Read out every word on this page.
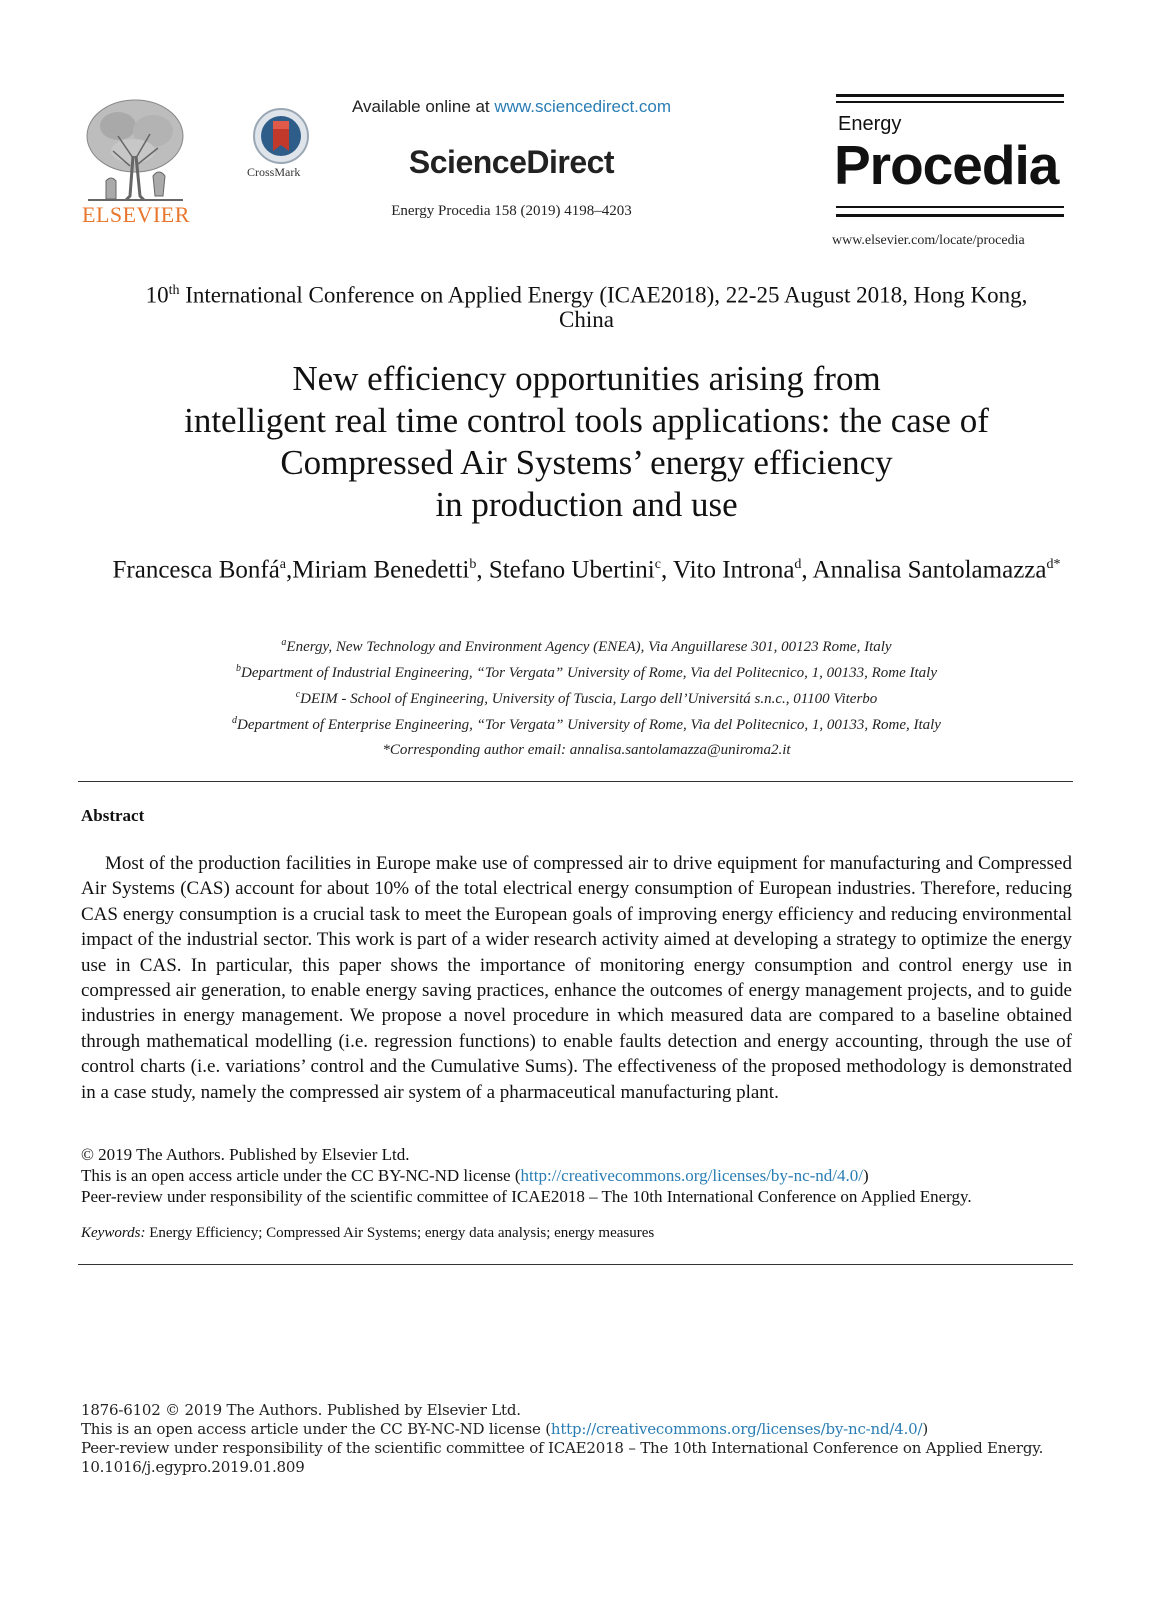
ELSEVIER
CrossMark
Available online at www.sciencedirect.com
ScienceDirect
Energy Procedia 158 (2019) 4198–4203
Energy
Procedia
www.elsevier.com/locate/procedia
10th International Conference on Applied Energy (ICAE2018), 22-25 August 2018, Hong Kong,
China
New efficiency opportunities arising from
intelligent real time control tools applications: the case of
Compressed Air Systems’ energy efficiency
in production and use
Francesca Bonfá$^a$,Miriam Benedetti$^b$, Stefano Ubertini$^c$, Vito Introna$^d$, Annalisa Santolamazza$^{d*}$
$^a$Energy, New Technology and Environment Agency (ENEA), Via Anguillarese 301, 00123 Rome, Italy
$^b$Department of Industrial Engineering, “Tor Vergata” University of Rome, Via del Politecnico, 1, 00133, Rome Italy
$^c$DEIM - School of Engineering, University of Tuscia, Largo dell’Universitá s.n.c., 01100 Viterbo
$^d$Department of Enterprise Engineering, “Tor Vergata” University of Rome, Via del Politecnico, 1, 00133, Rome, Italy
*Corresponding author email: annalisa.santolamazza@uniroma2.it
Abstract
Most of the production facilities in Europe make use of compressed air to drive equipment for manufacturing and Compressed Air Systems (CAS) account for about 10% of the total electrical energy consumption of European industries. Therefore, reducing CAS energy consumption is a crucial task to meet the European goals of improving energy efficiency and reducing environmental impact of the industrial sector. This work is part of a wider research activity aimed at developing a strategy to optimize the energy use in CAS. In particular, this paper shows the importance of monitoring energy consumption and control energy use in compressed air generation, to enable energy saving practices, enhance the outcomes of energy management projects, and to guide industries in energy management. We propose a novel procedure in which measured data are compared to a baseline obtained through mathematical modelling (i.e. regression functions) to enable faults detection and energy accounting, through the use of control charts (i.e. variations’ control and the Cumulative Sums). The effectiveness of the proposed methodology is demonstrated in a case study, namely the compressed air system of a pharmaceutical manufacturing plant.
© 2019 The Authors. Published by Elsevier Ltd.
This is an open access article under the CC BY-NC-ND license (http://creativecommons.org/licenses/by-nc-nd/4.0/)
Peer-review under responsibility of the scientific committee of ICAE2018 – The 10th International Conference on Applied Energy.
Keywords: Energy Efficiency; Compressed Air Systems; energy data analysis; energy measures
1876-6102 © 2019 The Authors. Published by Elsevier Ltd.
This is an open access article under the CC BY-NC-ND license (http://creativecommons.org/licenses/by-nc-nd/4.0/)
Peer-review under responsibility of the scientific committee of ICAE2018 – The 10th International Conference on Applied Energy.
10.1016/j.egypro.2019.01.809
